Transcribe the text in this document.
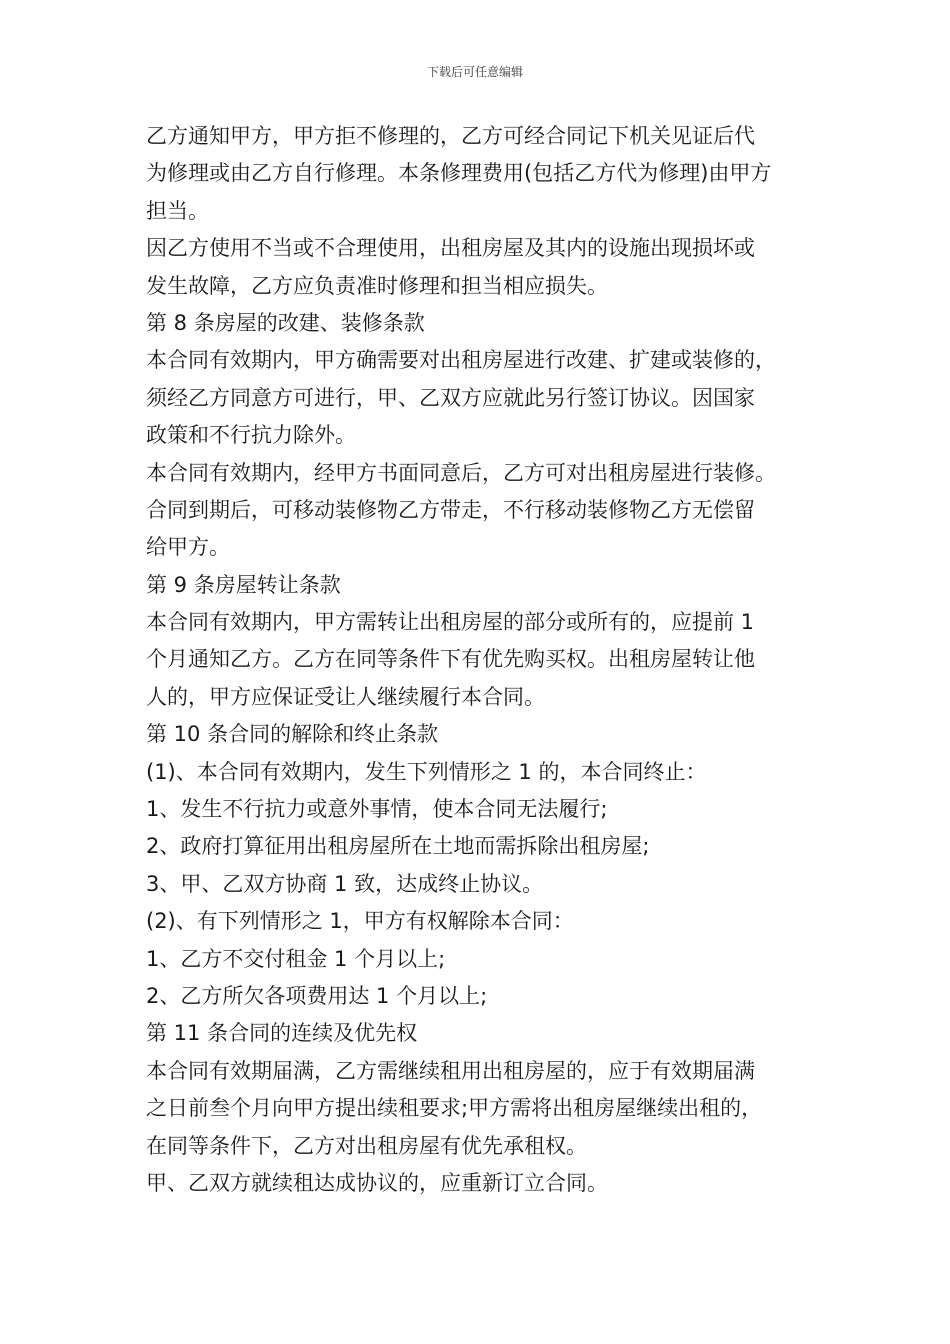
下载后可任意编辑
乙方通知甲方，甲方拒不修理的，乙方可经合同记下机关见证后代
为修理或由乙方自行修理。本条修理费用(包括乙方代为修理)由甲方
担当。
因乙方使用不当或不合理使用，出租房屋及其内的设施出现损坏或
发生故障，乙方应负责准时修理和担当相应损失。
第 8 条房屋的改建、装修条款
本合同有效期内，甲方确需要对出租房屋进行改建、扩建或装修的，
须经乙方同意方可进行，甲、乙双方应就此另行签订协议。因国家
政策和不行抗力除外。
本合同有效期内，经甲方书面同意后，乙方可对出租房屋进行装修。
合同到期后，可移动装修物乙方带走，不行移动装修物乙方无偿留
给甲方。
第 9 条房屋转让条款
本合同有效期内，甲方需转让出租房屋的部分或所有的，应提前 1
个月通知乙方。乙方在同等条件下有优先购买权。出租房屋转让他
人的，甲方应保证受让人继续履行本合同。
第 10 条合同的解除和终止条款
(1)、本合同有效期内，发生下列情形之 1 的，本合同终止：
1、发生不行抗力或意外事情，使本合同无法履行;
2、政府打算征用出租房屋所在土地而需拆除出租房屋;
3、甲、乙双方协商 1 致，达成终止协议。
(2)、有下列情形之 1，甲方有权解除本合同：
1、乙方不交付租金 1 个月以上;
2、乙方所欠各项费用达 1 个月以上;
第 11 条合同的连续及优先权
本合同有效期届满，乙方需继续租用出租房屋的，应于有效期届满
之日前叁个月向甲方提出续租要求;甲方需将出租房屋继续出租的，
在同等条件下，乙方对出租房屋有优先承租权。
甲、乙双方就续租达成协议的，应重新订立合同。
